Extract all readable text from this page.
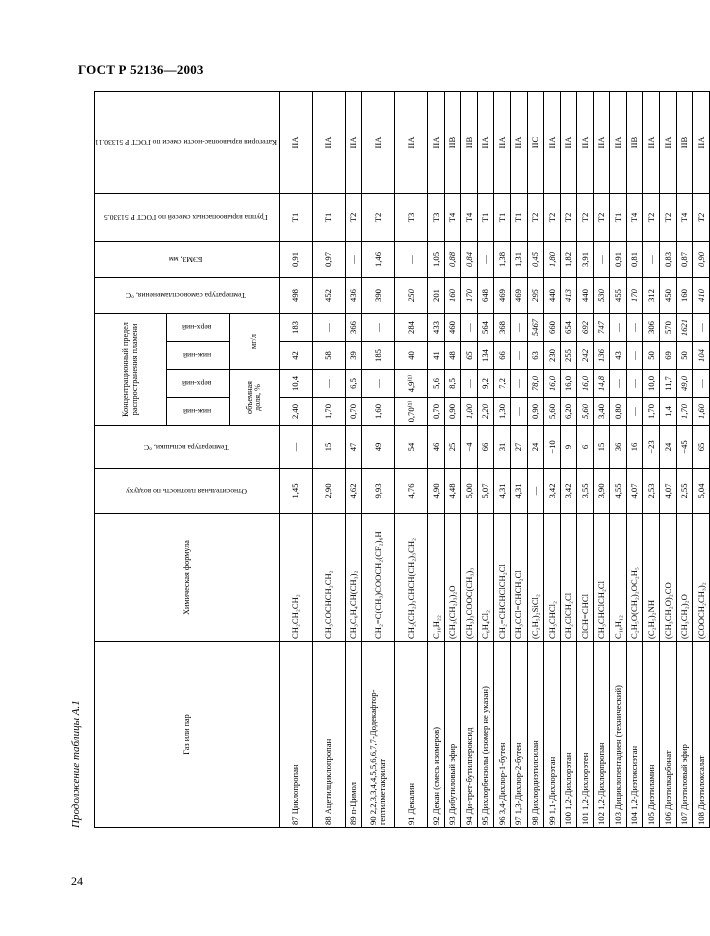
ГОСТ Р 52136—2003
Продолжение таблицы А.1
24
Газ или пар	Химическая формула	Относительная плотность по воздуху	Температура вспышки, °С	Концентрационный предел распространения пламени				Температура самовоспламенения, °С	БЭМЗ, мм	Группа взрывоопасных смесей по ГОСТ Р 51330.5	Категория взрывоопас-ности смеси по ГОСТ Р 51330.11
				ниж-ний	верх-ний	ниж-ний	верх-ний				
				объемная доля, %		мг/л					
87 Циклопропан	CH₂CH₂CH₂	1,45	—	2,40	10,4	42	183	498	0,91	T1	IIA
88 Ацетилциклопропан	CH₃COCHCH₂CH₂	2,90	15	1,70	—	58	—	452	0,97	T1	IIA
89 п-Цимол	CH₃C₆H₄CH(CH₃)₂	4,62	47	0,70	6,5	39	366	436	—	T2	IIA
90 2,2,3,3,4,4,5,5,6,6,7,7-Додекафтор-гептилметакрилат	CH₂=C(CH₃)COOCH₂(CF₂)₆H	9,93	49	1,60	—	185	—	390	1,46	T2	IIA
91 Декалин	CH₂(CH₂)₃CHCH(CH₂)₃CH₂	4,76	54	0,70⁽¹⁾	4,9⁽¹⁾	40	284	250	—	T3	IIA
92 Декан (смесь изомеров)	C₁₀H₂₂	4,90	46	0,70	5,6	41	433	201	1,05	T3	IIA
93 Дибутиловый эфир	(CH₃(CH₂)₃)₂O	4,48	25	0,90	8,5	48	460	160	0,88	T4	IIB
94 Ди-трет-бутилпероксид	(CH₃)₃COOC(CH₃)₃	5,00	−4	1,00	—	65	—	170	0,84	T4	IIB
95 Дихлорбензолы (изомер не указан)	C₆H₄Cl₂	5,07	66	2,20	9,2	134	564	648	—	T1	IIA
96 3,4-Дихлор-1-бутен	CH₂=CHCHClCH₂Cl	4,31	31	1,30	7,2	66	368	469	1,38	T1	IIA
97 1,3-Дихлор-2-бутен	CH₃CCl=CHCH₂Cl	4,31	27	—	—	—	—	469	1,31	T1	IIA
98 Дихлордиэтилсилан	(C₂H₅)₂SiCl₂	—	24	0,90	78,0	63	5467	295	0,45	T2	IIC
99 1,1-Дихлорэтан	CH₃CHCl₂	3,42	−10	5,60	16,0	230	660	440	1,80	T2	IIA
100 1,2-Дихлорэтан	CH₂ClCH₂Cl	3,42	9	6,20	16,0	255	654	413	1,82	T2	IIA
101 1,2-Дихлорэтен	ClCH=CHCl	3,55	6	5,60	16,0	242	692	440	3,91	T2	IIA
102 1,2-Дихлорпропан	CH₃CHClCH₂Cl	3,90	15	3,40	14,8	136	747	530	—	T2	IIA
103 Дициклопентадиен (технический)	C₁₀H₁₂	4,55	36	0,80	—	43	—	455	0,91	T1	IIA
104 1,2-Диэтоксиэтан	C₂H₅O(CH₂)₂OC₂H₅	4,07	16	—	—	—	—	170	0,81	T4	IIB
105 Диэтиламин	(C₂H₅)₂NH	2,53	−23	1,70	10,0	50	306	312	—	T2	IIA
106 Диэтилкарбонат	(CH₃CH₂O)₂CO	4,07	24	1,4	11,7	69	570	450	0,83	T2	IIA
107 Диэтиловый эфир	(CH₃CH₂)₂O	2,55	−45	1,70	49,0	50	1621	160	0,87	T4	IIB
108 Диэтилоксалат	(COOCH₂CH₃)₂	5,04	65	1,60	—	104	—	410	0,90	T2	IIA
